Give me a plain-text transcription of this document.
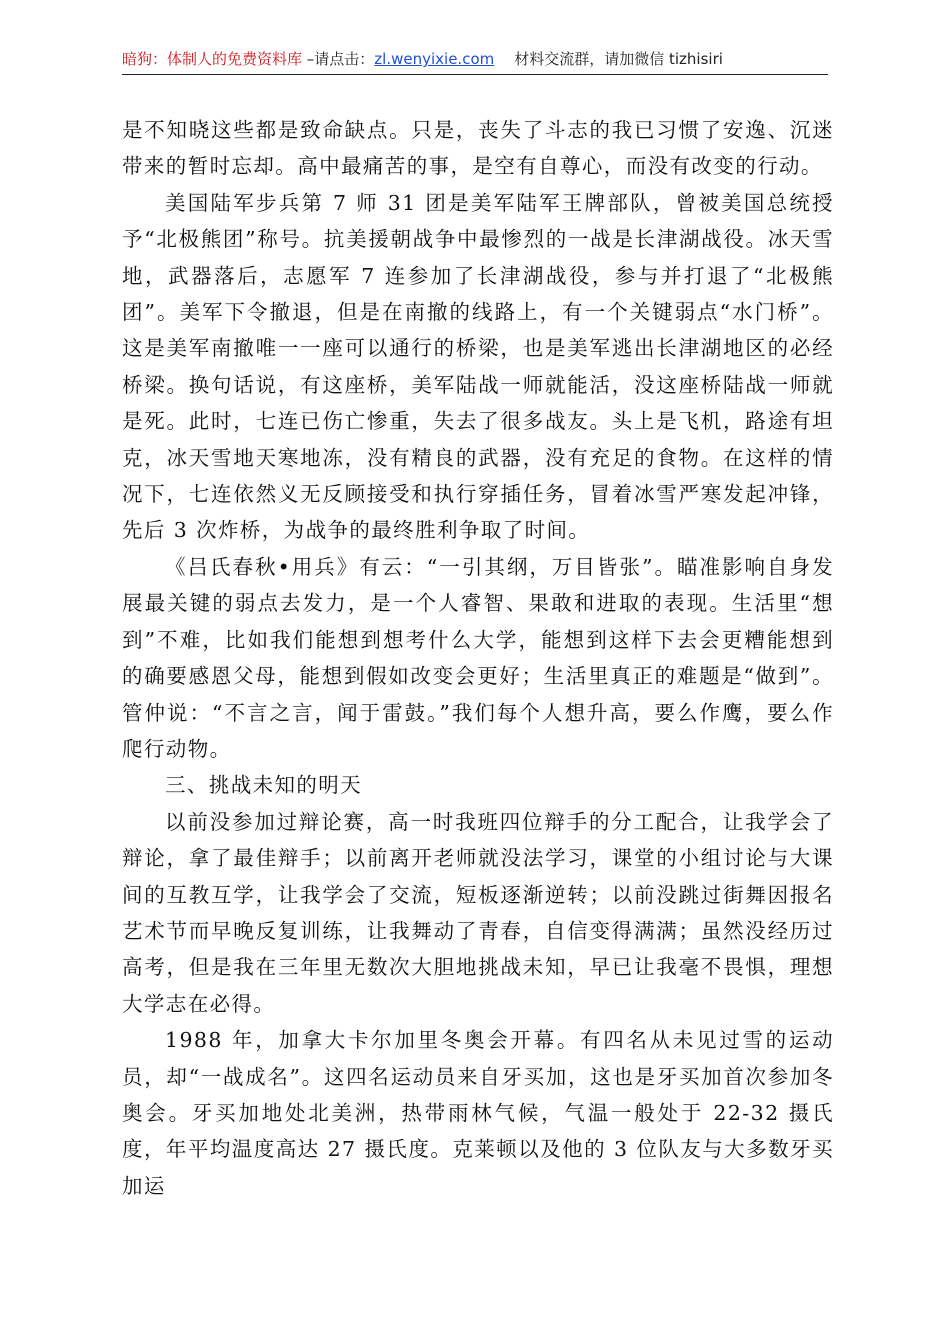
暗狗：体制人的免费资料库 –请点击：zl.wenyixie.com 材料交流群，请加微信 tizhisiri

是不知晓这些都是致命缺点。只是，丧失了斗志的我已习惯了安逸、沉迷带来的暂时忘却。高中最痛苦的事，是空有自尊心，而没有改变的行动。

美国陆军步兵第 7 师 31 团是美军陆军王牌部队，曾被美国总统授予“北极熊团”称号。抗美援朝战争中最惨烈的一战是长津湖战役。冰天雪地，武器落后，志愿军 7 连参加了长津湖战役，参与并打退了“北极熊团”。美军下令撤退，但是在南撤的线路上，有一个关键弱点“水门桥”。这是美军南撤唯一一座可以通行的桥梁，也是美军逃出长津湖地区的必经桥梁。换句话说，有这座桥，美军陆战一师就能活，没这座桥陆战一师就是死。此时，七连已伤亡惨重，失去了很多战友。头上是飞机，路途有坦克，冰天雪地天寒地冻，没有精良的武器，没有充足的食物。在这样的情况下，七连依然义无反顾接受和执行穿插任务，冒着冰雪严寒发起冲锋，先后 3 次炸桥，为战争的最终胜利争取了时间。

《吕氏春秋•用兵》有云：“一引其纲，万目皆张”。瞄准影响自身发展最关键的弱点去发力，是一个人睿智、果敢和进取的表现。生活里“想到”不难，比如我们能想到想考什么大学，能想到这样下去会更糟能想到的确要感恩父母，能想到假如改变会更好；生活里真正的难题是“做到”。管仲说：“不言之言，闻于雷鼓。”我们每个人想升高，要么作鹰，要么作爬行动物。

三、挑战未知的明天

以前没参加过辩论赛，高一时我班四位辩手的分工配合，让我学会了辩论，拿了最佳辩手；以前离开老师就没法学习，课堂的小组讨论与大课间的互教互学，让我学会了交流，短板逐渐逆转；以前没跳过街舞因报名艺术节而早晚反复训练，让我舞动了青春，自信变得满满；虽然没经历过高考，但是我在三年里无数次大胆地挑战未知，早已让我毫不畏惧，理想大学志在必得。

1988 年，加拿大卡尔加里冬奥会开幕。有四名从未见过雪的运动员，却“一战成名”。这四名运动员来自牙买加，这也是牙买加首次参加冬奥会。牙买加地处北美洲，热带雨林气候，气温一般处于 22-32 摄氏度，年平均温度高达 27 摄氏度。克莱顿以及他的 3 位队友与大多数牙买加运
